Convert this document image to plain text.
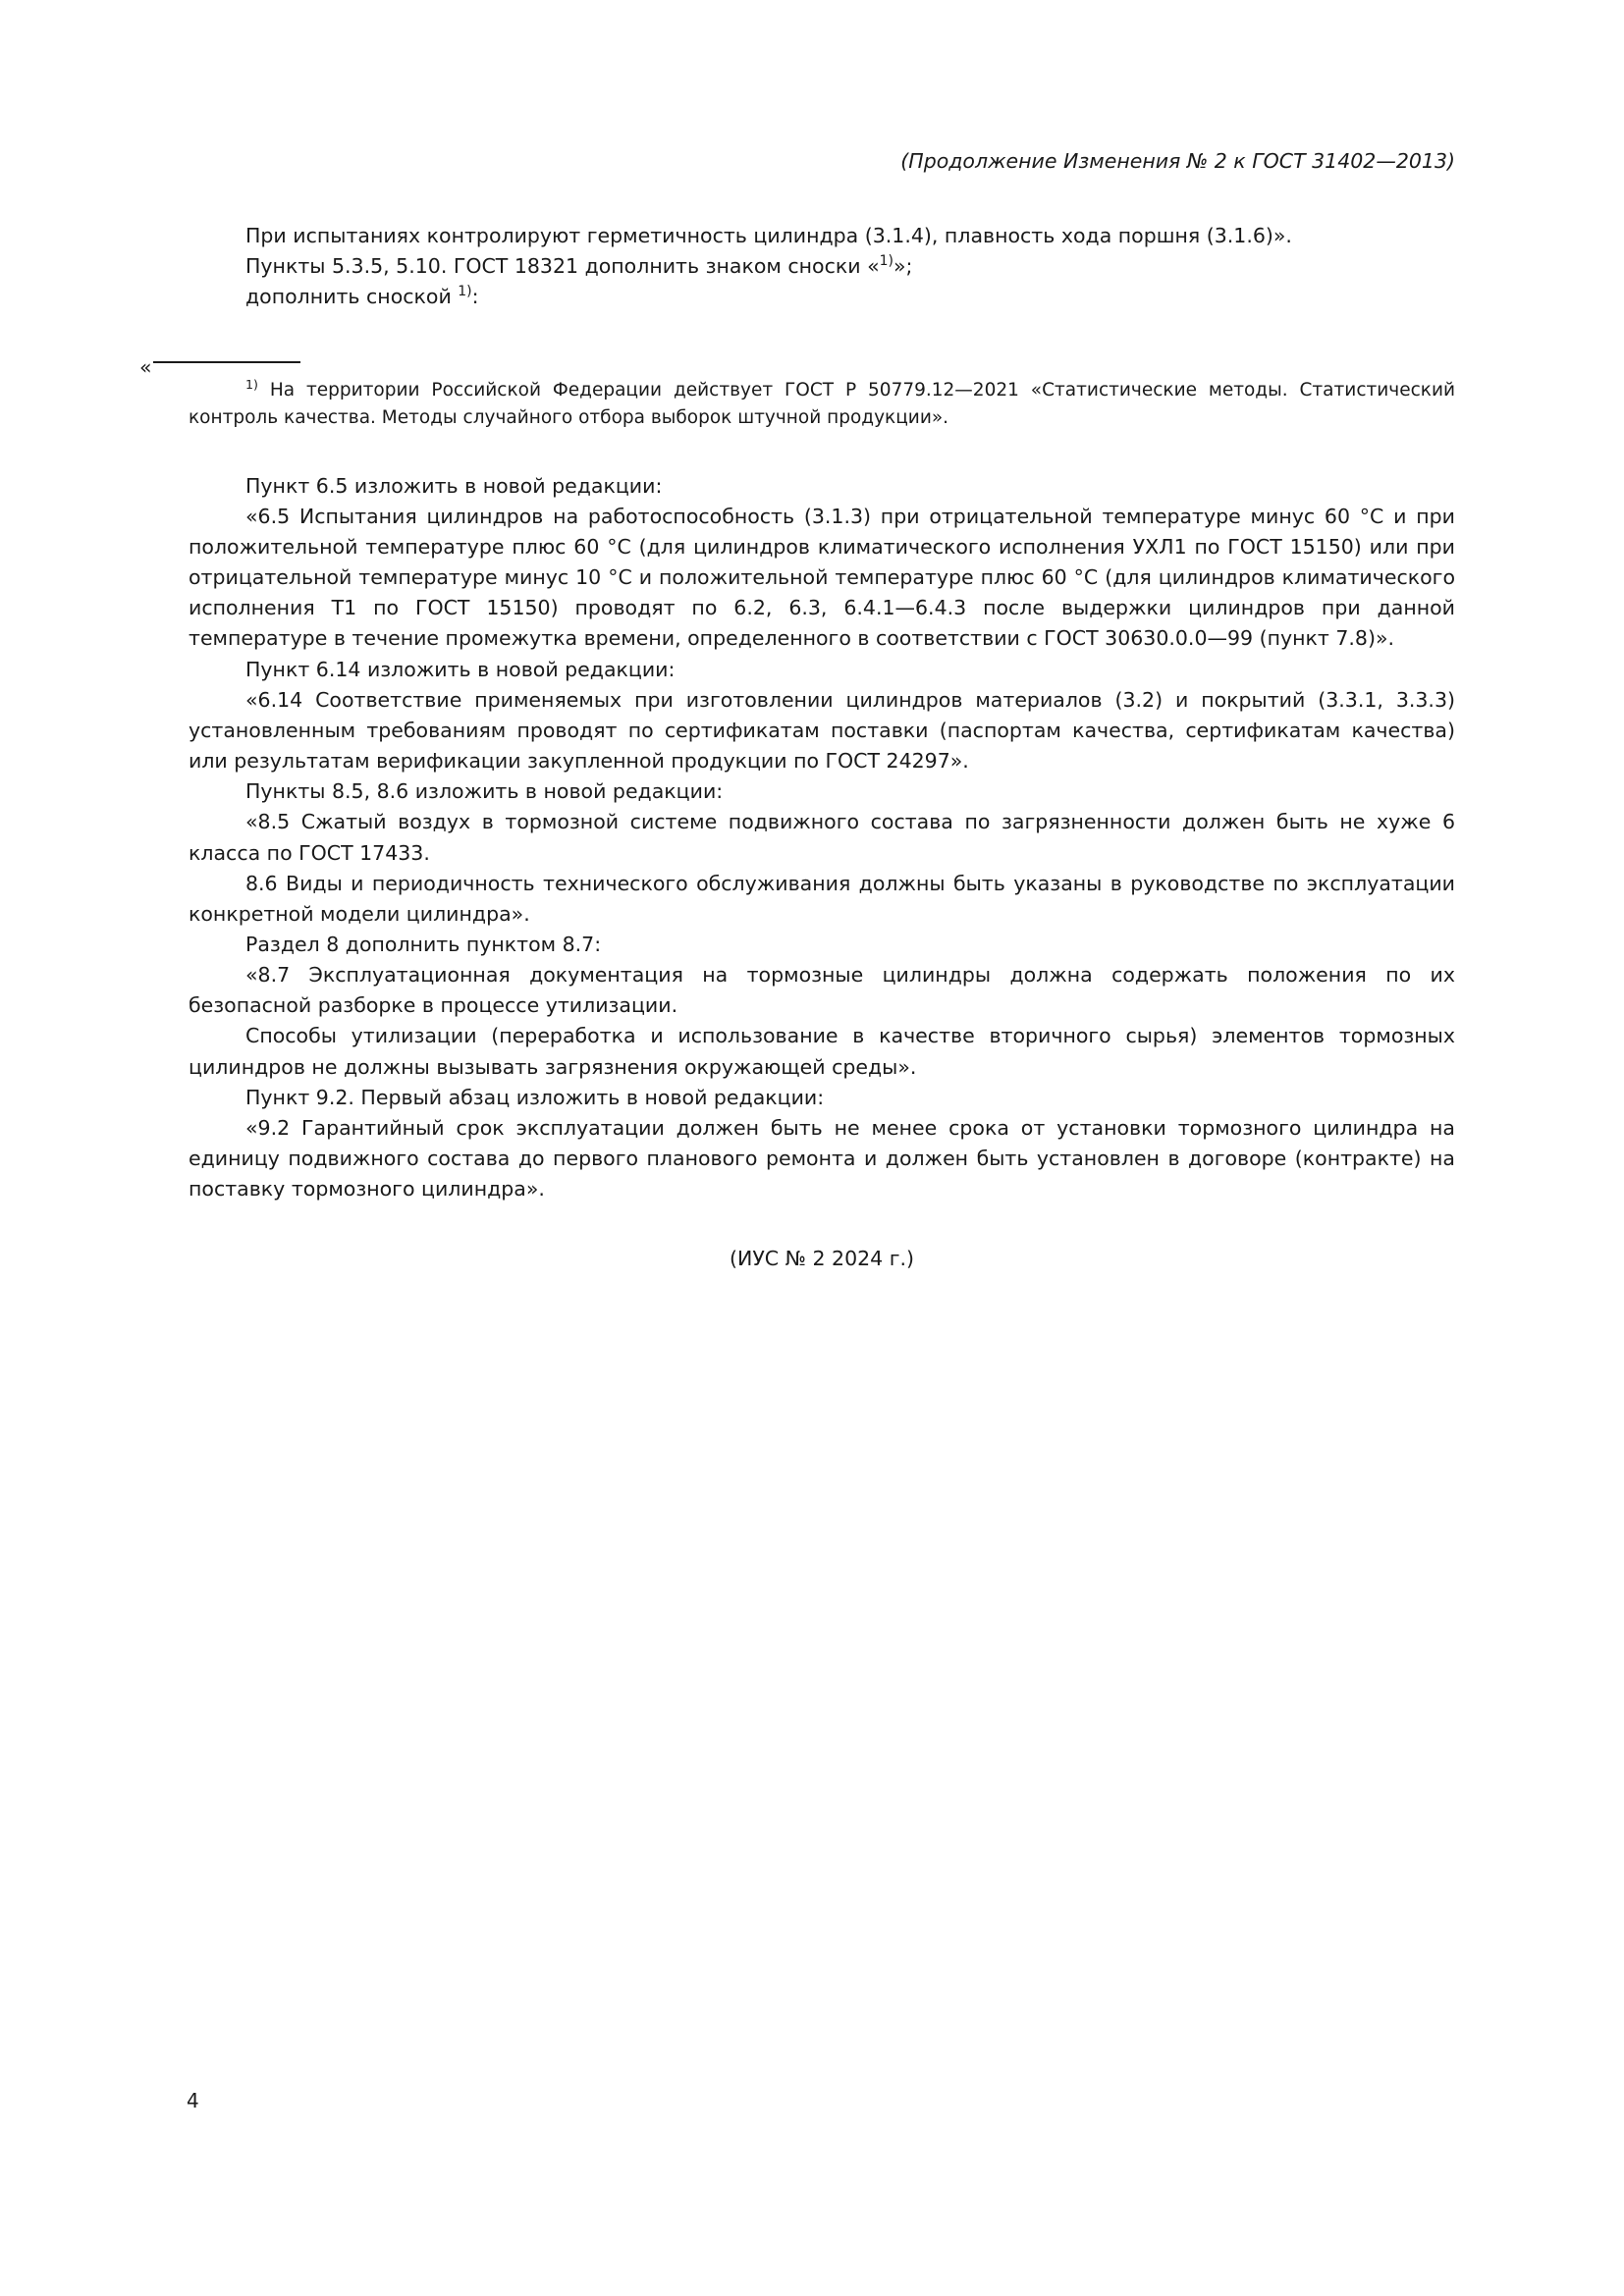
(Продолжение Изменения № 2 к ГОСТ 31402—2013)

При испытаниях контролируют герметичность цилиндра (3.1.4), плавность хода поршня (3.1.6)».

Пункты 5.3.5, 5.10. ГОСТ 18321 дополнить знаком сноски «$^{1)}$»;

дополнить сноской $^{1)}$:

«
$^{1)}$ На территории Российской Федерации действует ГОСТ Р 50779.12—2021 «Статистические методы. Статистический контроль качества. Методы случайного отбора выборок штучной продукции».

Пункт 6.5 изложить в новой редакции:

«6.5 Испытания цилиндров на работоспособность (3.1.3) при отрицательной температуре минус 60 °С и при положительной температуре плюс 60 °С (для цилиндров климатического исполнения УХЛ1 по ГОСТ 15150) или при отрицательной температуре минус 10 °С и положительной температуре плюс 60 °С (для цилиндров климатического исполнения Т1 по ГОСТ 15150) проводят по 6.2, 6.3, 6.4.1—6.4.3 после выдержки цилиндров при данной температуре в течение промежутка времени, определенного в соответствии с ГОСТ 30630.0.0—99 (пункт 7.8)».

Пункт 6.14 изложить в новой редакции:

«6.14 Соответствие применяемых при изготовлении цилиндров материалов (3.2) и покрытий (3.3.1, 3.3.3) установленным требованиям проводят по сертификатам поставки (паспортам качества, сертификатам качества) или результатам верификации закупленной продукции по ГОСТ 24297».

Пункты 8.5, 8.6 изложить в новой редакции:

«8.5 Сжатый воздух в тормозной системе подвижного состава по загрязненности должен быть не хуже 6 класса по ГОСТ 17433.

8.6 Виды и периодичность технического обслуживания должны быть указаны в руководстве по эксплуатации конкретной модели цилиндра».

Раздел 8 дополнить пунктом 8.7:

«8.7 Эксплуатационная документация на тормозные цилиндры должна содержать положения по их безопасной разборке в процессе утилизации.

Способы утилизации (переработка и использование в качестве вторичного сырья) элементов тормозных цилиндров не должны вызывать загрязнения окружающей среды».

Пункт 9.2. Первый абзац изложить в новой редакции:

«9.2 Гарантийный срок эксплуатации должен быть не менее срока от установки тормозного цилиндра на единицу подвижного состава до первого планового ремонта и должен быть установлен в договоре (контракте) на поставку тормозного цилиндра».

(ИУС № 2 2024 г.)

4
